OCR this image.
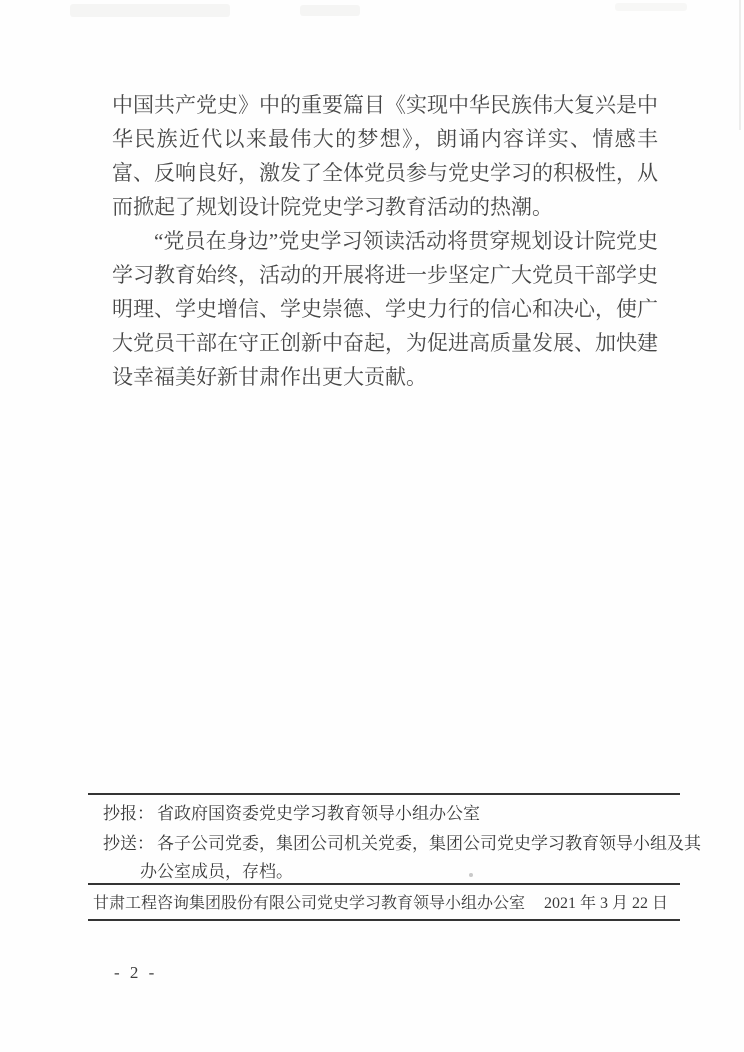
中国共产党史》中的重要篇目《实现中华民族伟大复兴是中华民族近代以来最伟大的梦想》，朗诵内容详实、情感丰富、反响良好，激发了全体党员参与党史学习的积极性，从而掀起了规划设计院党史学习教育活动的热潮。

“党员在身边”党史学习领读活动将贯穿规划设计院党史学习教育始终，活动的开展将进一步坚定广大党员干部学史明理、学史增信、学史崇德、学史力行的信心和决心，使广大党员干部在守正创新中奋起，为促进高质量发展、加快建设幸福美好新甘肃作出更大贡献。

抄报： 省政府国资委党史学习教育领导小组办公室
抄送： 各子公司党委，集团公司机关党委，集团公司党史学习教育领导小组及其
办公室成员，存档。
甘肃工程咨询集团股份有限公司党史学习教育领导小组办公室 2021 年 3 月 22 日
- 2 -
